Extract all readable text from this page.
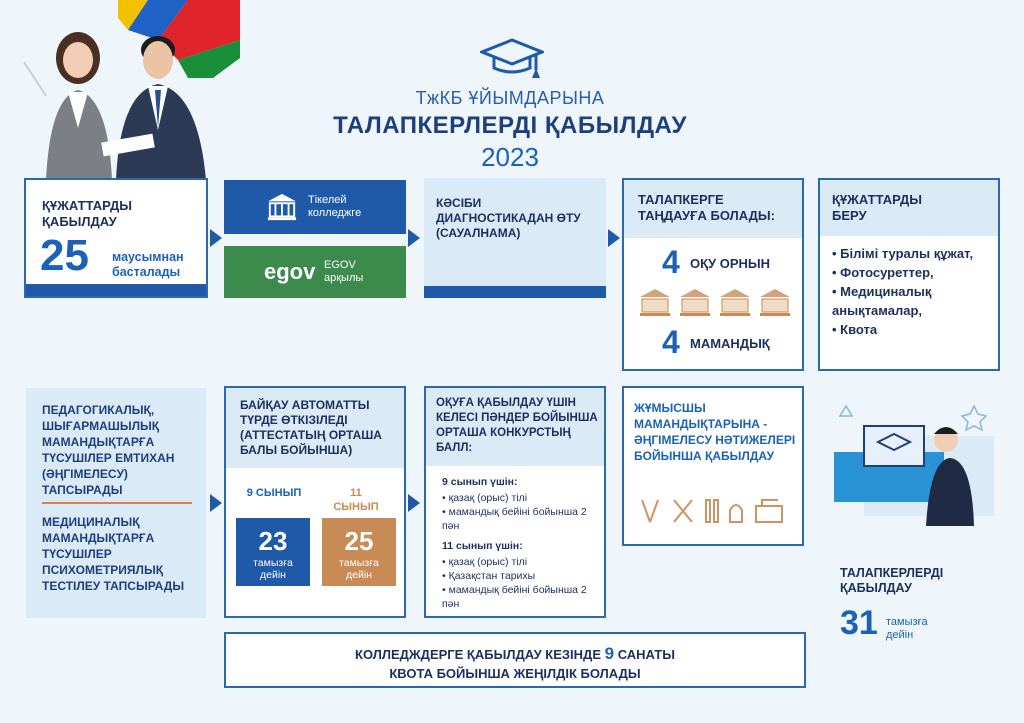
ТжКБ ҰЙЫМДАРЫНА
ТАЛАПКЕРЛЕРДІ ҚАБЫЛДАУ
2023
ҚҰЖАТТАРДЫ ҚАБЫЛДАУ
25 маусымнан басталады
Тікелей колледжге
egov EGOV арқылы
КӘСІБИ ДИАГНОСТИКАДАН ӨТУ (САУАЛНАМА)
ТАЛАПКЕРГЕ ТАҢДАУҒА БОЛАДЫ:
4 ОҚУ ОРНЫН
4 МАМАНДЫҚ
ҚҰЖАТТАРДЫ БЕРУ
• Білімі туралы құжат,
• Фотосуреттер,
• Медициналық анықтамалар,
• Квота
ПЕДАГОГИКАЛЫҚ, ШЫҒАРМАШЫЛЫҚ МАМАНДЫҚТАРҒА ТҮСУШІЛЕР ЕМТИХАН (ӘҢГІМЕЛЕСУ) ТАПСЫРАДЫ
МЕДИЦИНАЛЫҚ МАМАНДЫҚТАРҒА ТҮСУШІЛЕР ПСИХОМЕТРИЯЛЫҚ ТЕСТІЛЕУ ТАПСЫРАДЫ
БАЙҚАУ АВТОМАТТЫ ТҮРДЕ ӨТКІЗІЛЕДІ (АТТЕСТАТЫҢ ОРТАША БАЛЫ БОЙЫНША)
9 СЫНЫП
23
тамызға дейін
11 СЫНЫП
25
тамызға дейін
ОҚУҒА ҚАБЫЛДАУ ҮШІН КЕЛЕСІ ПӘНДЕР БОЙЫНША ОРТАША КОНКУРСТЫҢ БАЛЛ:
9 сынып үшін:
• қазақ (орыс) тілі
• мамандық бейіні бойынша 2 пән
11 сынып үшін:
• қазақ (орыс) тілі
• Қазақстан тарихы
• мамандық бейіні бойынша 2 пән
ЖҰМЫСШЫ МАМАНДЫҚТАРЫНА - ӘҢГІМЕЛЕСУ НӘТИЖЕЛЕРІ БОЙЫНША ҚАБЫЛДАУ
ТАЛАПКЕРЛЕРДІ ҚАБЫЛДАУ
31 тамызға дейін
КОЛЛЕДЖДЕРГЕ ҚАБЫЛДАУ КЕЗІНДЕ 9 САНАТЫ
КВОТА БОЙЫНША ЖЕҢІЛДІК БОЛАДЫ
